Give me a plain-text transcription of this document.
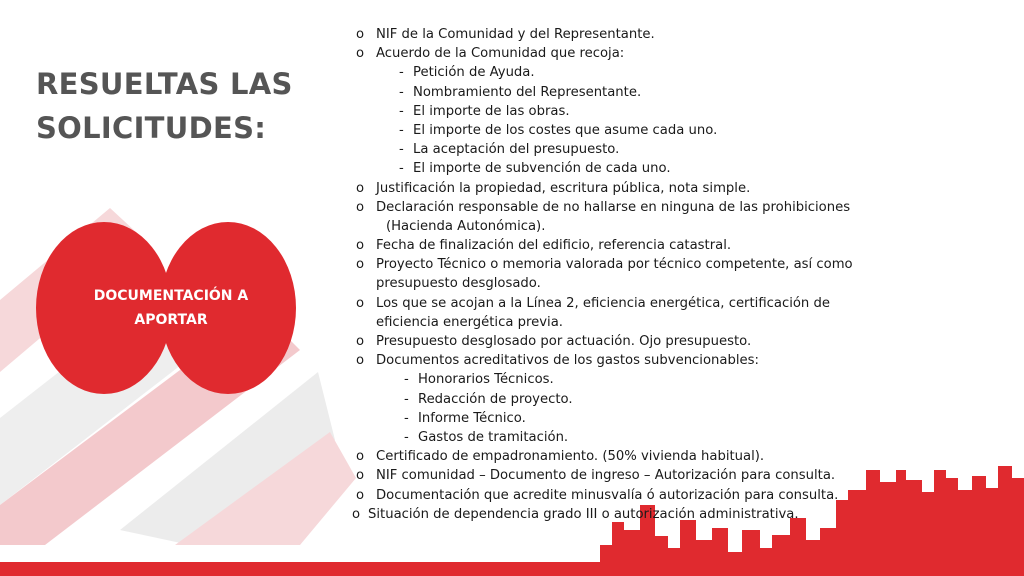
RESUELTAS LAS
SOLICITUDES:
DOCUMENTACIÓN A
APORTAR
o NIF de la Comunidad y del Representante.
o Acuerdo de la Comunidad que recoja:
- Petición de Ayuda.
- Nombramiento del Representante.
- El importe de las obras.
- El importe de los costes que asume cada uno.
- La aceptación del presupuesto.
- El importe de subvención de cada uno.
o Justificación la propiedad, escritura pública, nota simple.
o Declaración responsable de no hallarse en ninguna de las prohibiciones
(Hacienda Autonómica).
o Fecha de finalización del edificio, referencia catastral.
o Proyecto Técnico o memoria valorada por técnico competente, así como
presupuesto desglosado.
o Los que se acojan a la Línea 2, eficiencia energética, certificación de
eficiencia energética previa.
o Presupuesto desglosado por actuación. Ojo presupuesto.
o Documentos acreditativos de los gastos subvencionables:
- Honorarios Técnicos.
- Redacción de proyecto.
- Informe Técnico.
- Gastos de tramitación.
o Certificado de empadronamiento. (50% vivienda habitual).
o NIF comunidad – Documento de ingreso – Autorización para consulta.
o Documentación que acredite minusvalía ó autorización para consulta.
o Situación de dependencia grado III o autorización administrativa.
